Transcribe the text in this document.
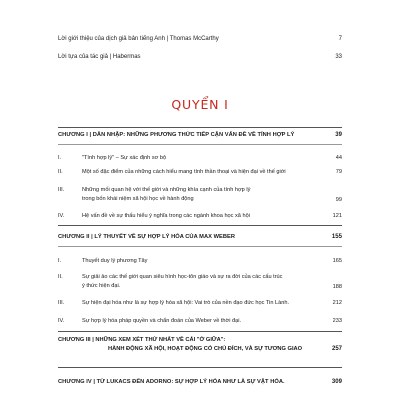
Lời giới thiệu của dịch giả bản tiếng Anh | Thomas McCarthy	7
Lời tựa của tác giả | Habermas	33
QUYỂN I
CHƯƠNG I | DẪN NHẬP: NHỮNG PHƯƠNG THỨC TIẾP CẬN VẤN ĐỀ VỀ TÍNH HỢP LÝ	39
I.	"Tính hợp lý" – Sự xác định sơ bộ	44
II.	Một số đặc điểm của những cách hiểu mang tính thần thoại và hiện đại về thế giới	79
III.	Những mối quan hệ với thế giới và những khía cạnh của tính hợp lý
trong bốn khái niệm xã hội học về hành động	99
IV.	Hệ vấn đề về sự thấu hiểu ý nghĩa trong các ngành khoa học xã hội	121
CHƯƠNG II | LÝ THUYẾT VỀ SỰ HỢP LÝ HÓA CỦA MAX WEBER	155
I.	Thuyết duy lý phương Tây	165
II.	Sự giải ảo các thế giới quan siêu hình học-tôn giáo và sự ra đời của các cấu trúc
ý thức hiện đại.	188
III.	Sự hiện đại hóa như là sự hợp lý hóa xã hội: Vai trò của nền đạo đức học Tin Lành.	212
IV.	Sự hợp lý hóa pháp quyền và chẩn đoán của Weber về thời đại.	233
CHƯƠNG III | NHỮNG XEM XÉT THỨ NHẤT VỀ CÁI "Ở GIỮA":
HÀNH ĐỘNG XÃ HỘI, HOẠT ĐỘNG CÓ CHỦ ĐÍCH, VÀ SỰ TƯƠNG GIAO	257
CHƯƠNG IV | TỪ LUKACS ĐẾN ADORNO: SỰ HỢP LÝ HÓA NHƯ LÀ SỰ VẬT HÓA.	309
